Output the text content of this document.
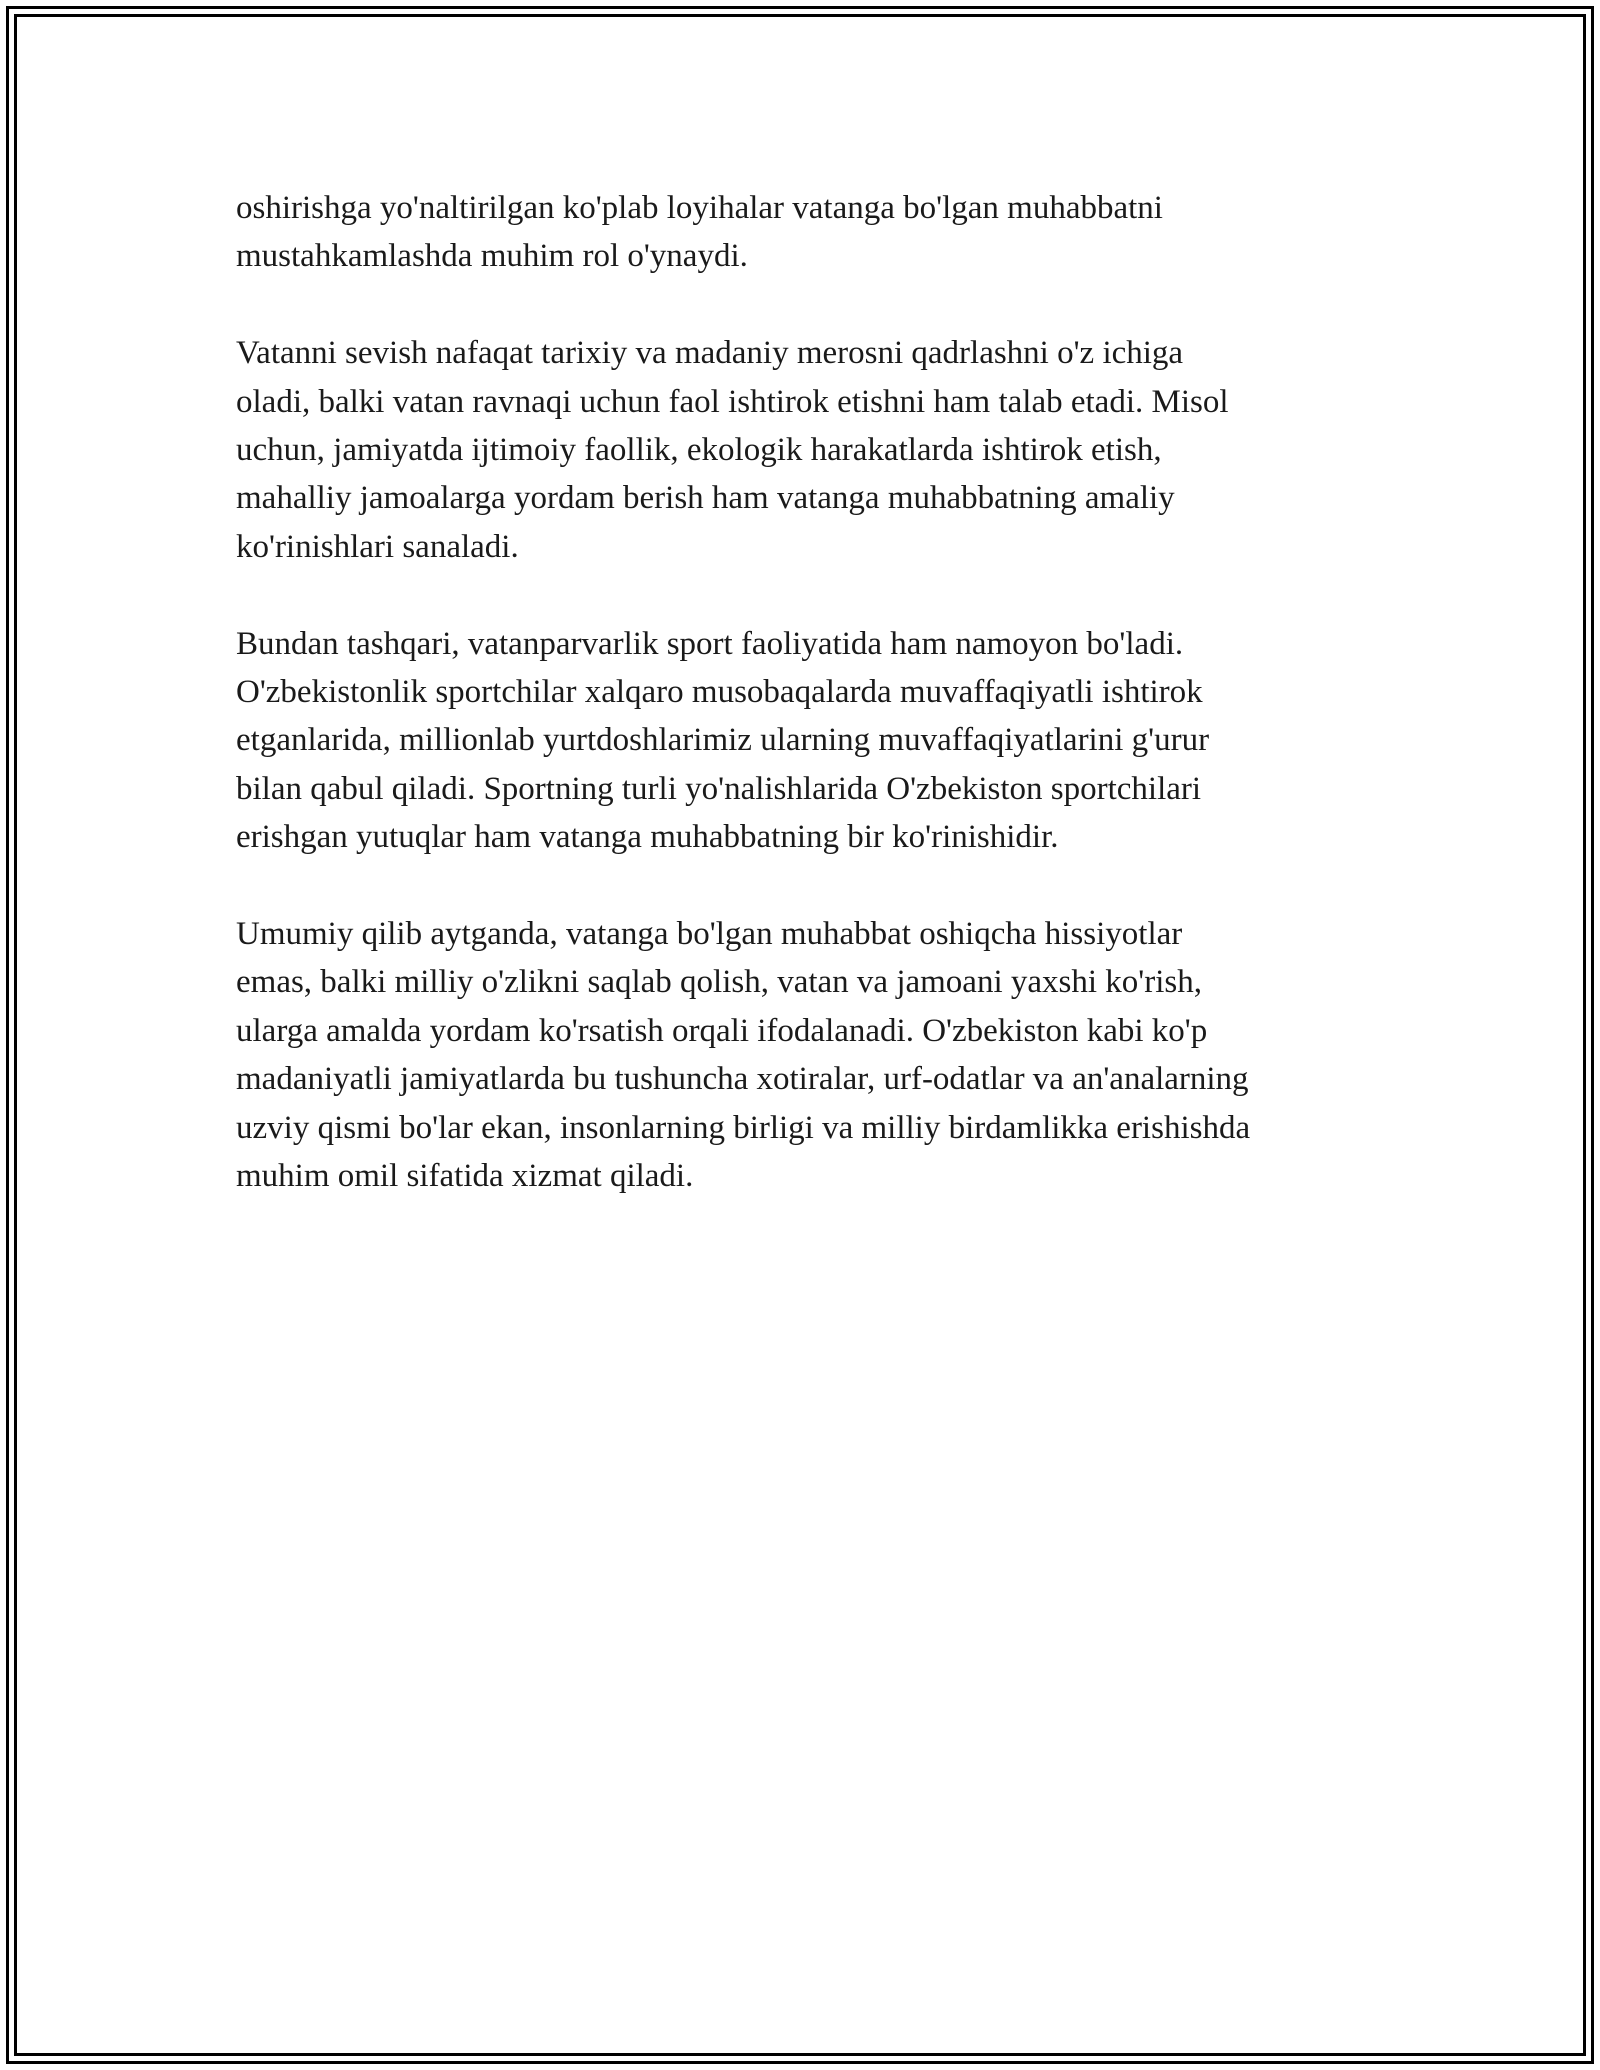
oshirishga yo'naltirilgan ko'plab loyihalar vatanga bo'lgan muhabbatni
mustahkamlashda muhim rol o'ynaydi.

Vatanni sevish nafaqat tarixiy va madaniy merosni qadrlashni o'z ichiga
oladi, balki vatan ravnaqi uchun faol ishtirok etishni ham talab etadi. Misol
uchun, jamiyatda ijtimoiy faollik, ekologik harakatlarda ishtirok etish,
mahalliy jamoalarga yordam berish ham vatanga muhabbatning amaliy
ko'rinishlari sanaladi.

Bundan tashqari, vatanparvarlik sport faoliyatida ham namoyon bo'ladi.
O'zbekistonlik sportchilar xalqaro musobaqalarda muvaffaqiyatli ishtirok
etganlarida, millionlab yurtdoshlarimiz ularning muvaffaqiyatlarini g'urur
bilan qabul qiladi. Sportning turli yo'nalishlarida O'zbekiston sportchilari
erishgan yutuqlar ham vatanga muhabbatning bir ko'rinishidir.

Umumiy qilib aytganda, vatanga bo'lgan muhabbat oshiqcha hissiyotlar
emas, balki milliy o'zlikni saqlab qolish, vatan va jamoani yaxshi ko'rish,
ularga amalda yordam ko'rsatish orqali ifodalanadi. O'zbekiston kabi ko'p
madaniyatli jamiyatlarda bu tushuncha xotiralar, urf-odatlar va an'analarning
uzviy qismi bo'lar ekan, insonlarning birligi va milliy birdamlikka erishishda
muhim omil sifatida xizmat qiladi.
